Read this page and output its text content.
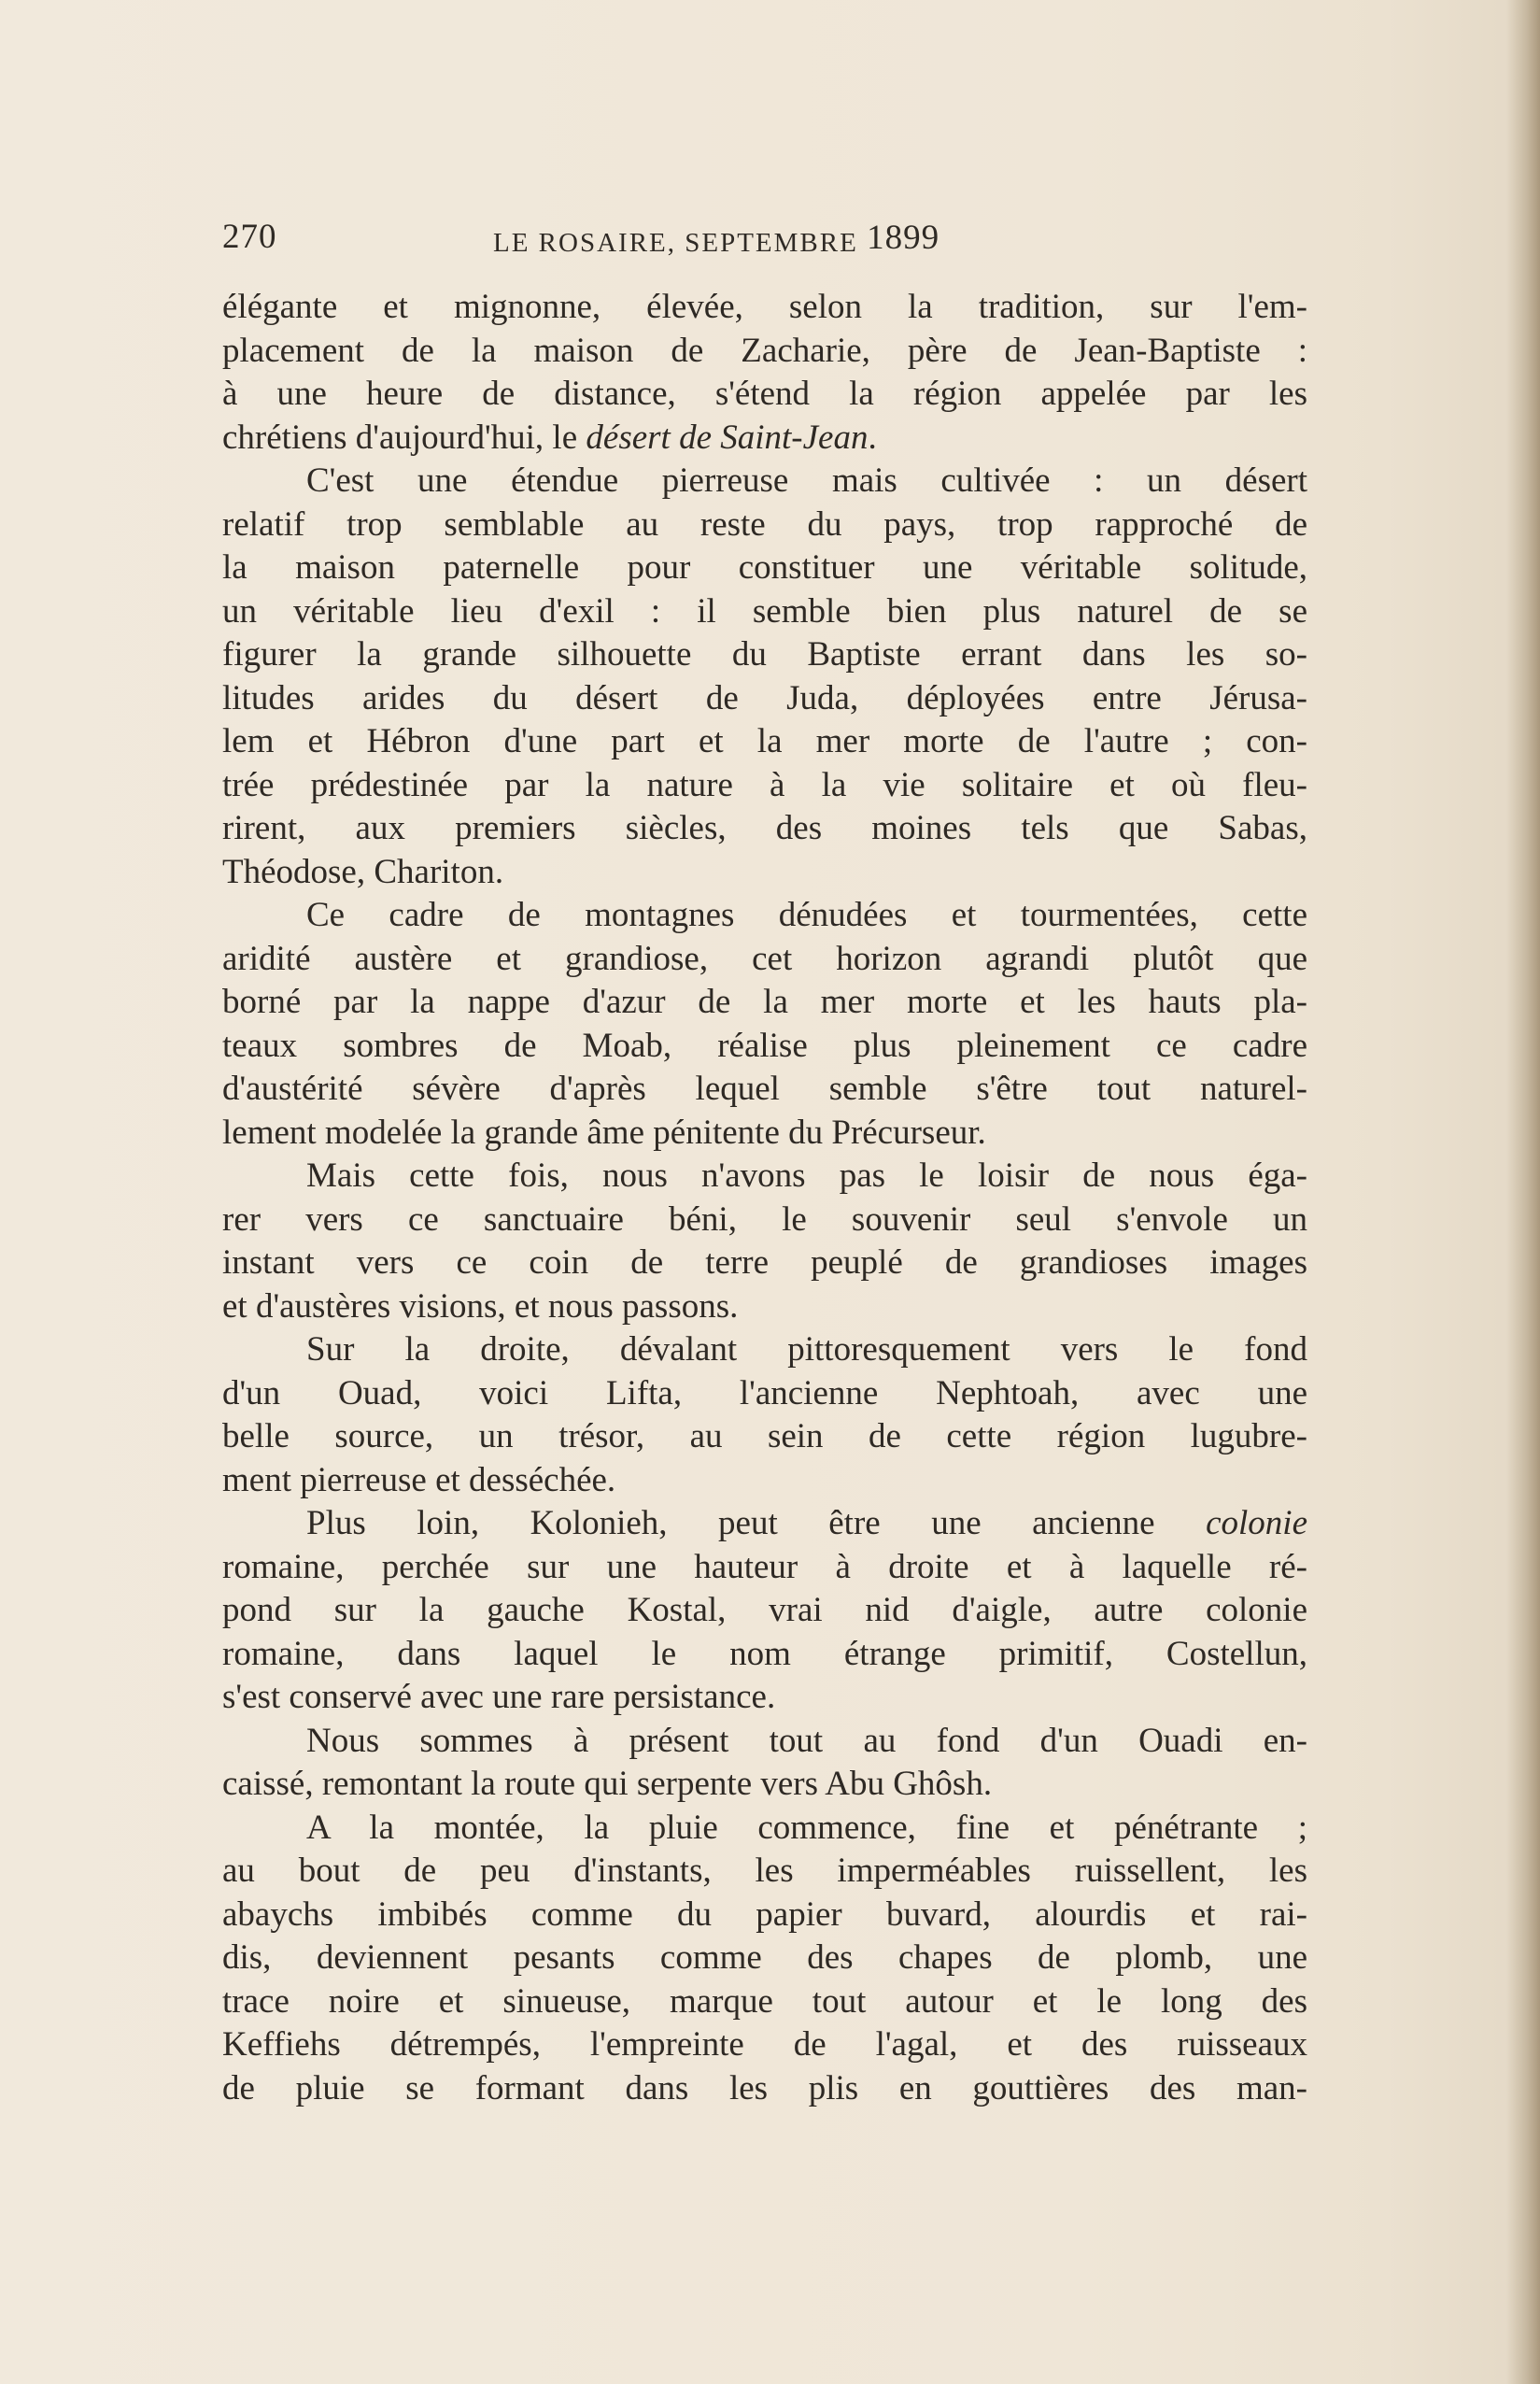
270	LE ROSAIRE, SEPTEMBRE 1899
élégante et mignonne, élevée, selon la tradition, sur l'em-
placement de la maison de Zacharie, père de Jean-Baptiste :
à une heure de distance, s'étend la région appelée par les
chrétiens d'aujourd'hui, le désert de Saint-Jean.
C'est une étendue pierreuse mais cultivée : un désert
relatif trop semblable au reste du pays, trop rapproché de
la maison paternelle pour constituer une véritable solitude,
un véritable lieu d'exil : il semble bien plus naturel de se
figurer la grande silhouette du Baptiste errant dans les so-
litudes arides du désert de Juda, déployées entre Jérusa-
lem et Hébron d'une part et la mer morte de l'autre ; con-
trée prédestinée par la nature à la vie solitaire et où fleu-
rirent, aux premiers siècles, des moines tels que Sabas,
Théodose, Chariton.
Ce cadre de montagnes dénudées et tourmentées, cette
aridité austère et grandiose, cet horizon agrandi plutôt que
borné par la nappe d'azur de la mer morte et les hauts pla-
teaux sombres de Moab, réalise plus pleinement ce cadre
d'austérité sévère d'après lequel semble s'être tout naturel-
lement modelée la grande âme pénitente du Précurseur.
Mais cette fois, nous n'avons pas le loisir de nous éga-
rer vers ce sanctuaire béni, le souvenir seul s'envole un
instant vers ce coin de terre peuplé de grandioses images
et d'austères visions, et nous passons.
Sur la droite, dévalant pittoresquement vers le fond
d'un Ouad, voici Lifta, l'ancienne Nephtoah, avec une
belle source, un trésor, au sein de cette région lugubre-
ment pierreuse et desséchée.
Plus loin, Kolonieh, peut être une ancienne colonie
romaine, perchée sur une hauteur à droite et à laquelle ré-
pond sur la gauche Kostal, vrai nid d'aigle, autre colonie
romaine, dans laquel le nom étrange primitif, Costellun,
s'est conservé avec une rare persistance.
Nous sommes à présent tout au fond d'un Ouadi en-
caissé, remontant la route qui serpente vers Abu Ghôsh.
A la montée, la pluie commence, fine et pénétrante ;
au bout de peu d'instants, les imperméables ruissellent, les
abaychs imbibés comme du papier buvard, alourdis et rai-
dis, deviennent pesants comme des chapes de plomb, une
trace noire et sinueuse, marque tout autour et le long des
Keffiehs détrempés, l'empreinte de l'agal, et des ruisseaux
de pluie se formant dans les plis en gouttières des man-
